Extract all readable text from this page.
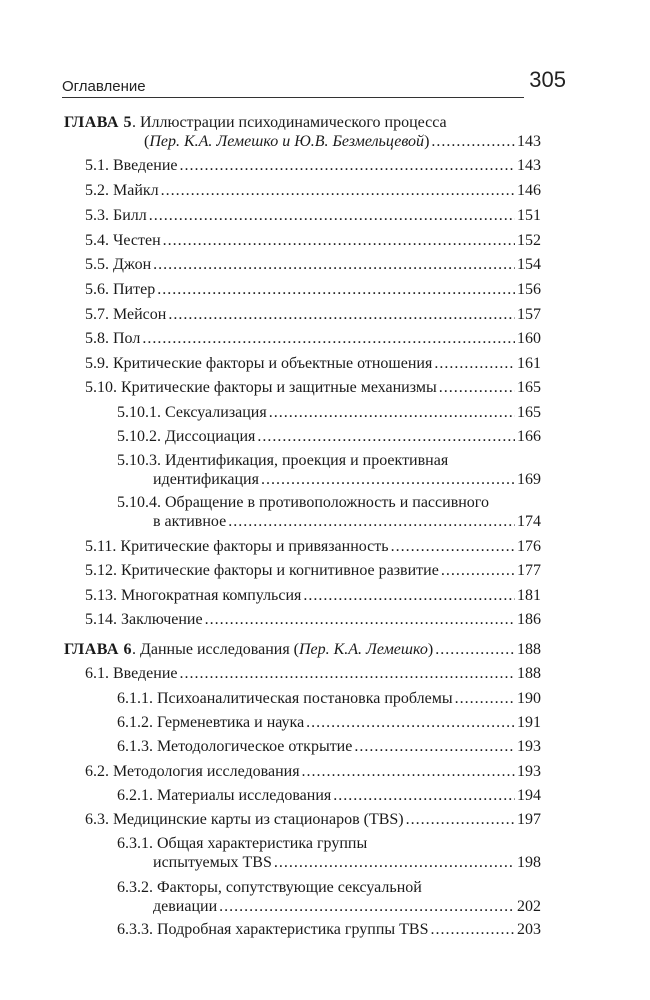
Оглавление	305
ГЛАВА 5. Иллюстрации психодинамического процесса
(Пер. К.А. Лемешко и Ю.В. Безмельцевой) .....	143
5.1. Введение .....	143
5.2. Майкл .....	146
5.3. Билл .....	151
5.4. Честен .....	152
5.5. Джон .....	154
5.6. Питер .....	156
5.7. Мейсон .....	157
5.8. Пол .....	160
5.9. Критические факторы и объектные отношения .....	161
5.10. Критические факторы и защитные механизмы .....	165
5.10.1. Сексуализация .....	165
5.10.2. Диссоциация .....	166
5.10.3. Идентификация, проекция и проективная
идентификация .....	169
5.10.4. Обращение в противоположность и пассивного
в активное .....	174
5.11. Критические факторы и привязанность .....	176
5.12. Критические факторы и когнитивное развитие .....	177
5.13. Многократная компульсия .....	181
5.14. Заключение .....	186
ГЛАВА 6. Данные исследования (Пер. К.А. Лемешко) .....	188
6.1. Введение .....	188
6.1.1. Психоаналитическая постановка проблемы .....	190
6.1.2. Герменевтика и наука .....	191
6.1.3. Методологическое открытие .....	193
6.2. Методология исследования .....	193
6.2.1. Материалы исследования .....	194
6.3. Медицинские карты из стационаров (TBS) .....	197
6.3.1. Общая характеристика группы
испытуемых TBS .....	198
6.3.2. Факторы, сопутствующие сексуальной
девиации .....	202
6.3.3. Подробная характеристика группы TBS .....	203
